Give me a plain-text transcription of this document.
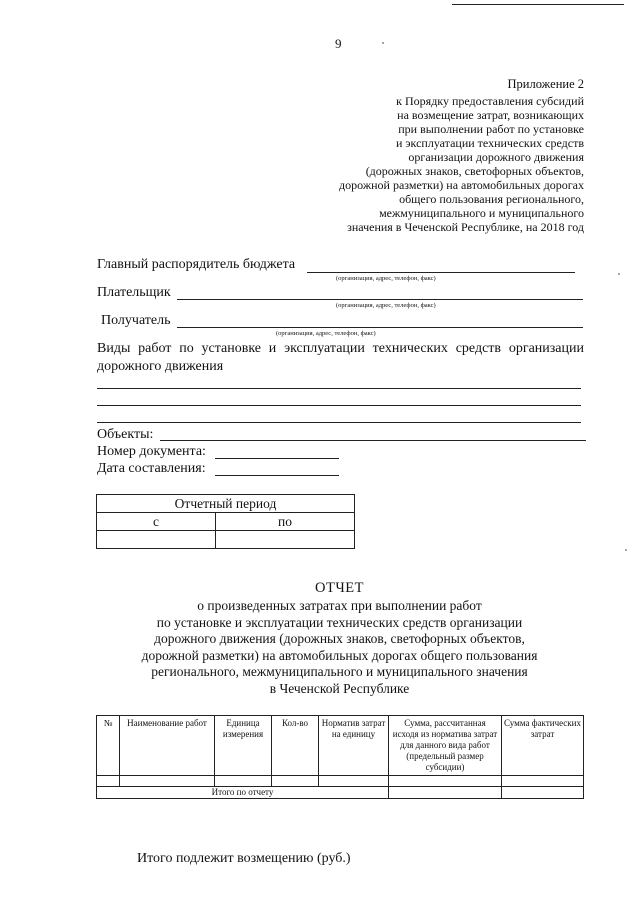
9
Приложение 2
к Порядку предоставления субсидий
на возмещение затрат, возникающих
при выполнении работ по установке
и эксплуатации технических средств
организации дорожного движения
(дорожных знаков, светофорных объектов,
дорожной разметки) на автомобильных дорогах
общего пользования регионального,
межмуниципального и муниципального
значения в Чеченской Республике, на 2018 год
Главный распорядитель бюджета
(организация, адрес, телефон, факс)
Плательщик
(организация, адрес, телефон, факс)
Получатель
(организация, адрес, телефон, факс)
Виды работ по установке и эксплуатации технических средств организации дорожного движения
Объекты:
Номер документа:
Дата составления:
Отчетный период	
с	по

ОТЧЕТ
о произведенных затратах при выполнении работ
по установке и эксплуатации технических средств организации
дорожного движения (дорожных знаков, светофорных объектов,
дорожной разметки) на автомобильных дорогах общего пользования
регионального, межмуниципального и муниципального значения
в Чеченской Республике
№	Наименование работ	Единица измерения	Кол-во	Норматив затрат на единицу	Сумма, рассчитанная исходя из норматива затрат для данного вида работ (предельный размер субсидии)	Сумма фактических затрат

Итого по отчету						
Итого подлежит возмещению (руб.)
